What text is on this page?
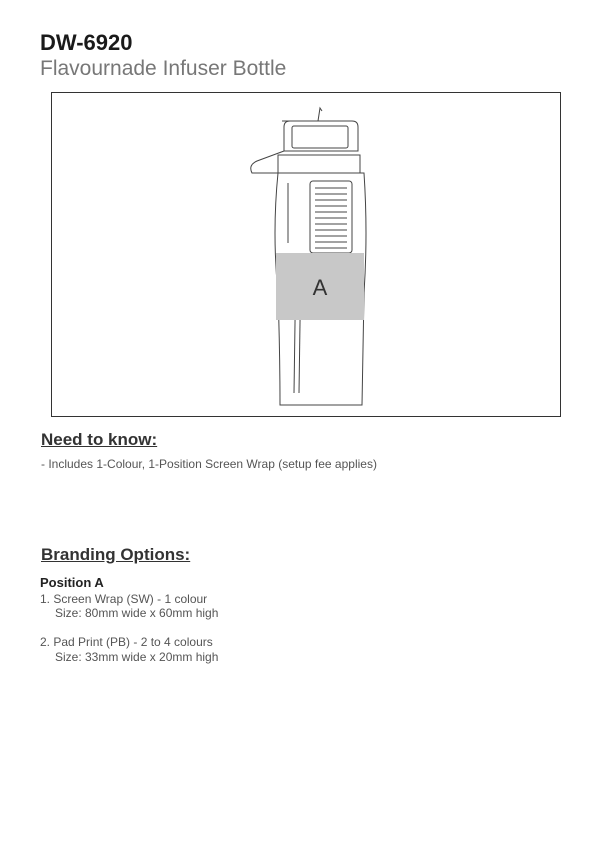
DW-6920
Flavournade Infuser Bottle
A
Need to know:
- Includes 1-Colour, 1-Position Screen Wrap (setup fee applies)
Branding Options:
Position A
1. Screen Wrap (SW) - 1 colour
Size: 80mm wide x 60mm high
2. Pad Print (PB) - 2 to 4 colours
Size: 33mm wide x 20mm high
